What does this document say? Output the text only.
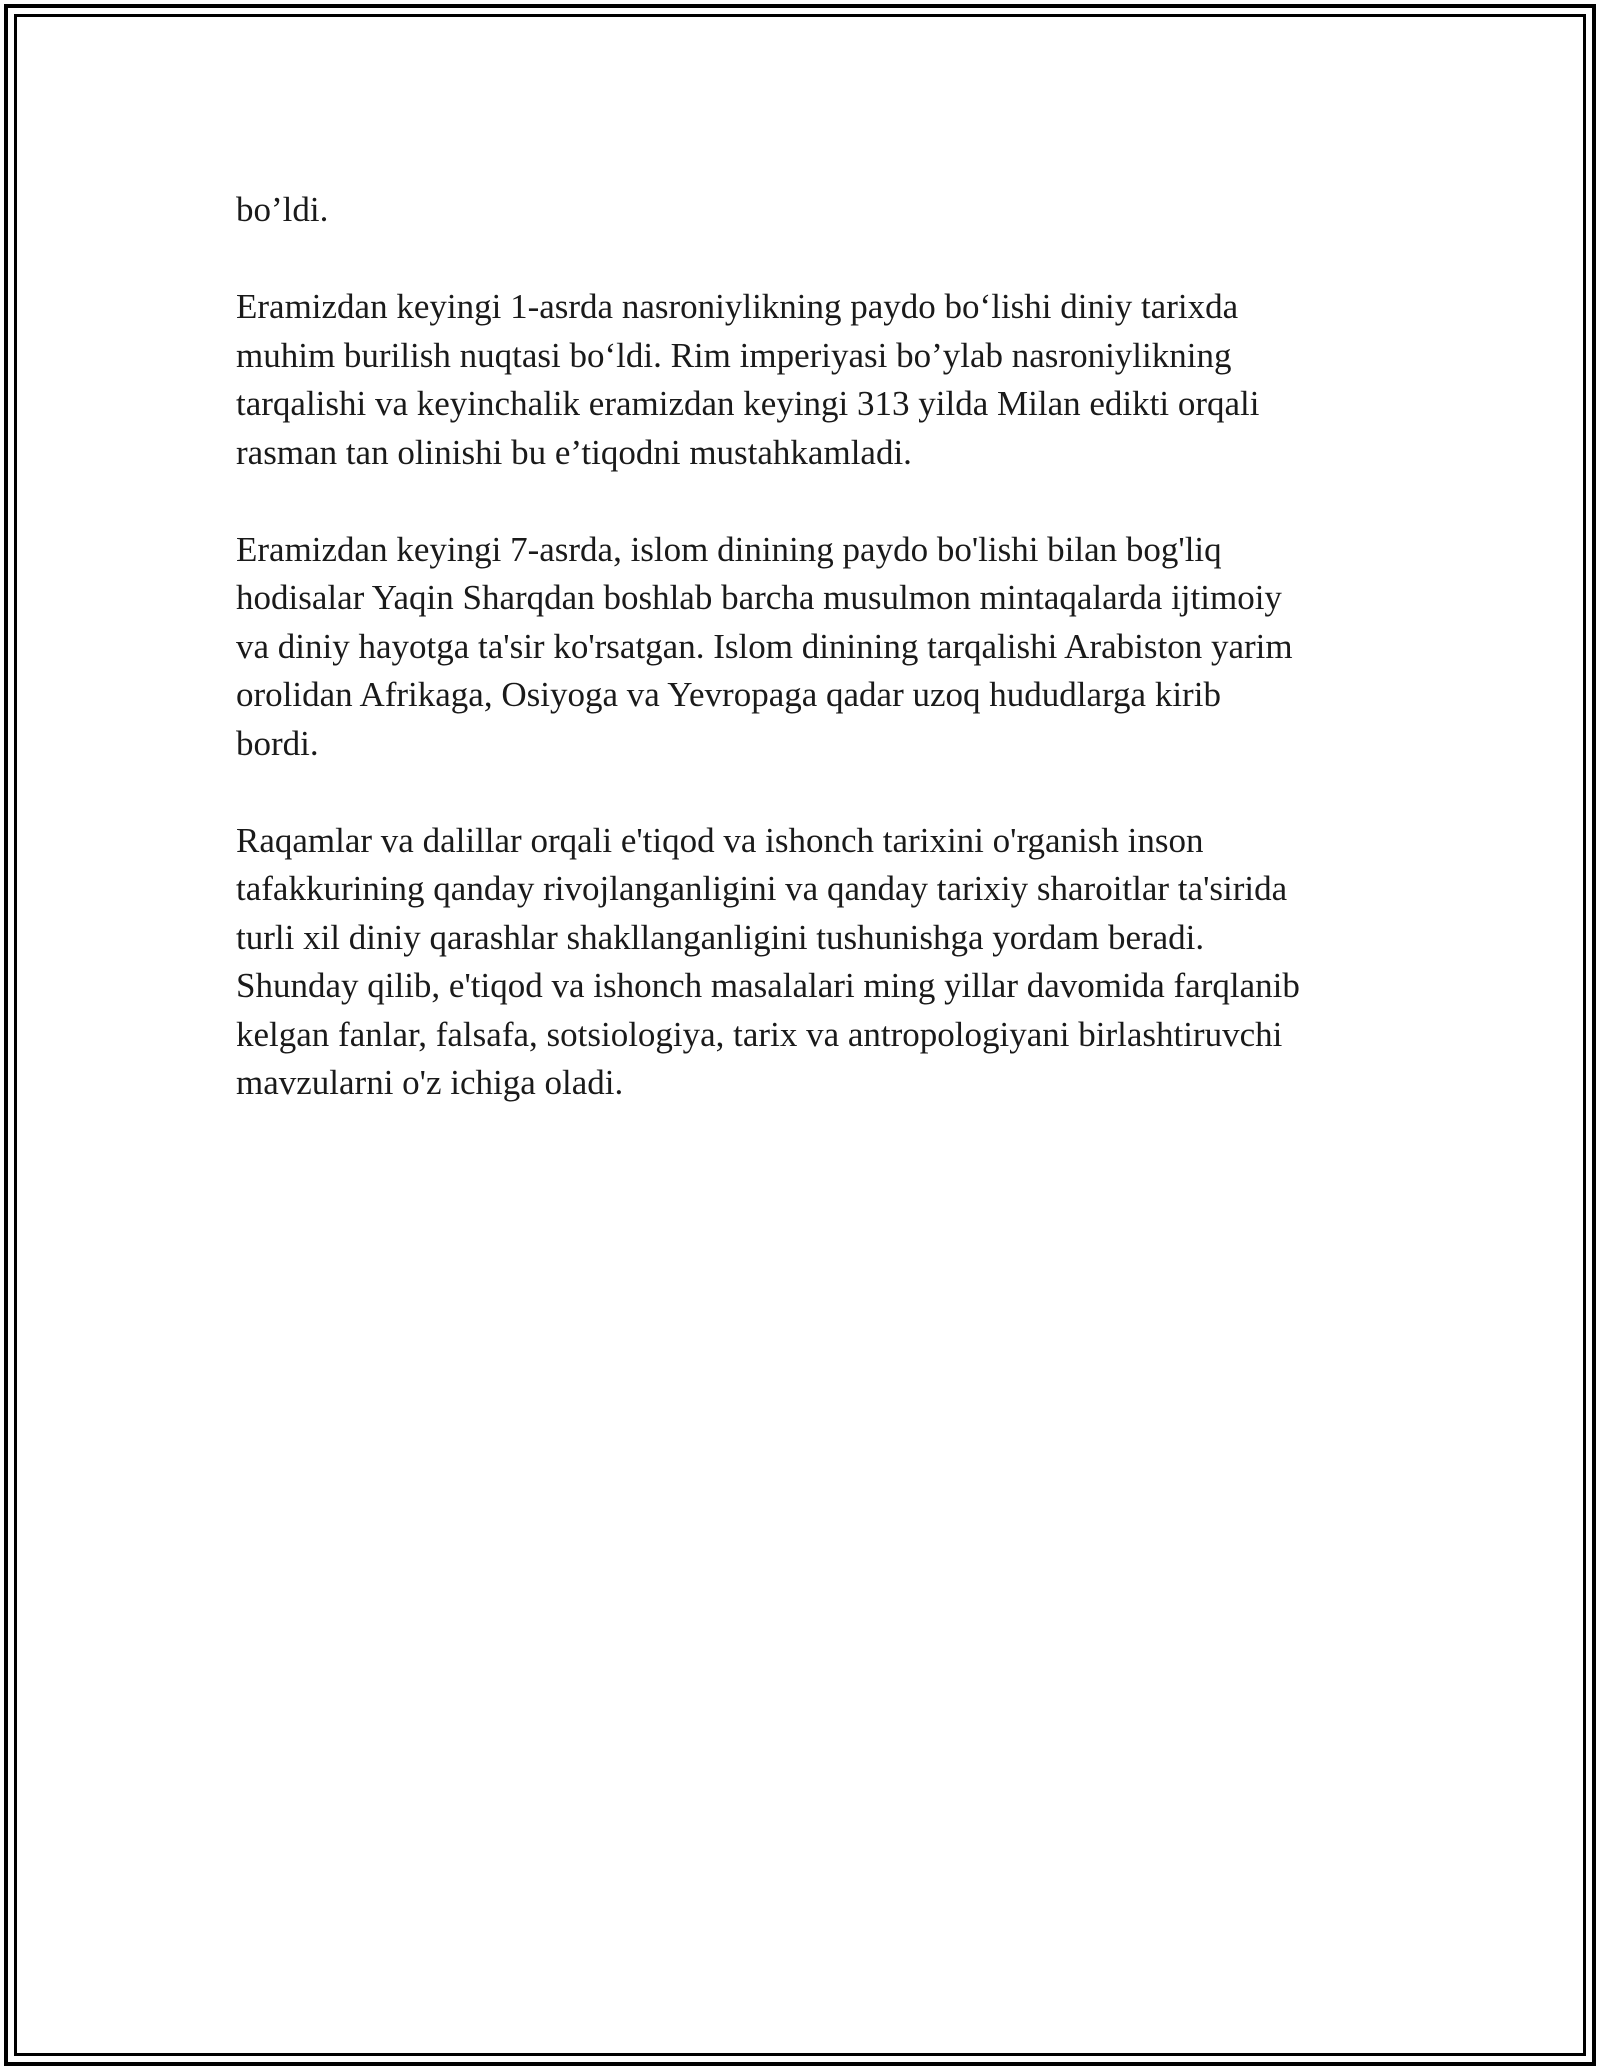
bo’ldi.

Eramizdan keyingi 1-asrda nasroniylikning paydo bo‘lishi diniy tarixda
muhim burilish nuqtasi bo‘ldi. Rim imperiyasi bo’ylab nasroniylikning
tarqalishi va keyinchalik eramizdan keyingi 313 yilda Milan edikti orqali
rasman tan olinishi bu e’tiqodni mustahkamladi.

Eramizdan keyingi 7-asrda, islom dinining paydo bo'lishi bilan bog'liq
hodisalar Yaqin Sharqdan boshlab barcha musulmon mintaqalarda ijtimoiy
va diniy hayotga ta'sir ko'rsatgan. Islom dinining tarqalishi Arabiston yarim
orolidan Afrikaga, Osiyoga va Yevropaga qadar uzoq hududlarga kirib
bordi.

Raqamlar va dalillar orqali e'tiqod va ishonch tarixini o'rganish inson
tafakkurining qanday rivojlanganligini va qanday tarixiy sharoitlar ta'sirida
turli xil diniy qarashlar shakllanganligini tushunishga yordam beradi.
Shunday qilib, e'tiqod va ishonch masalalari ming yillar davomida farqlanib
kelgan fanlar, falsafa, sotsiologiya, tarix va antropologiyani birlashtiruvchi
mavzularni o'z ichiga oladi.
